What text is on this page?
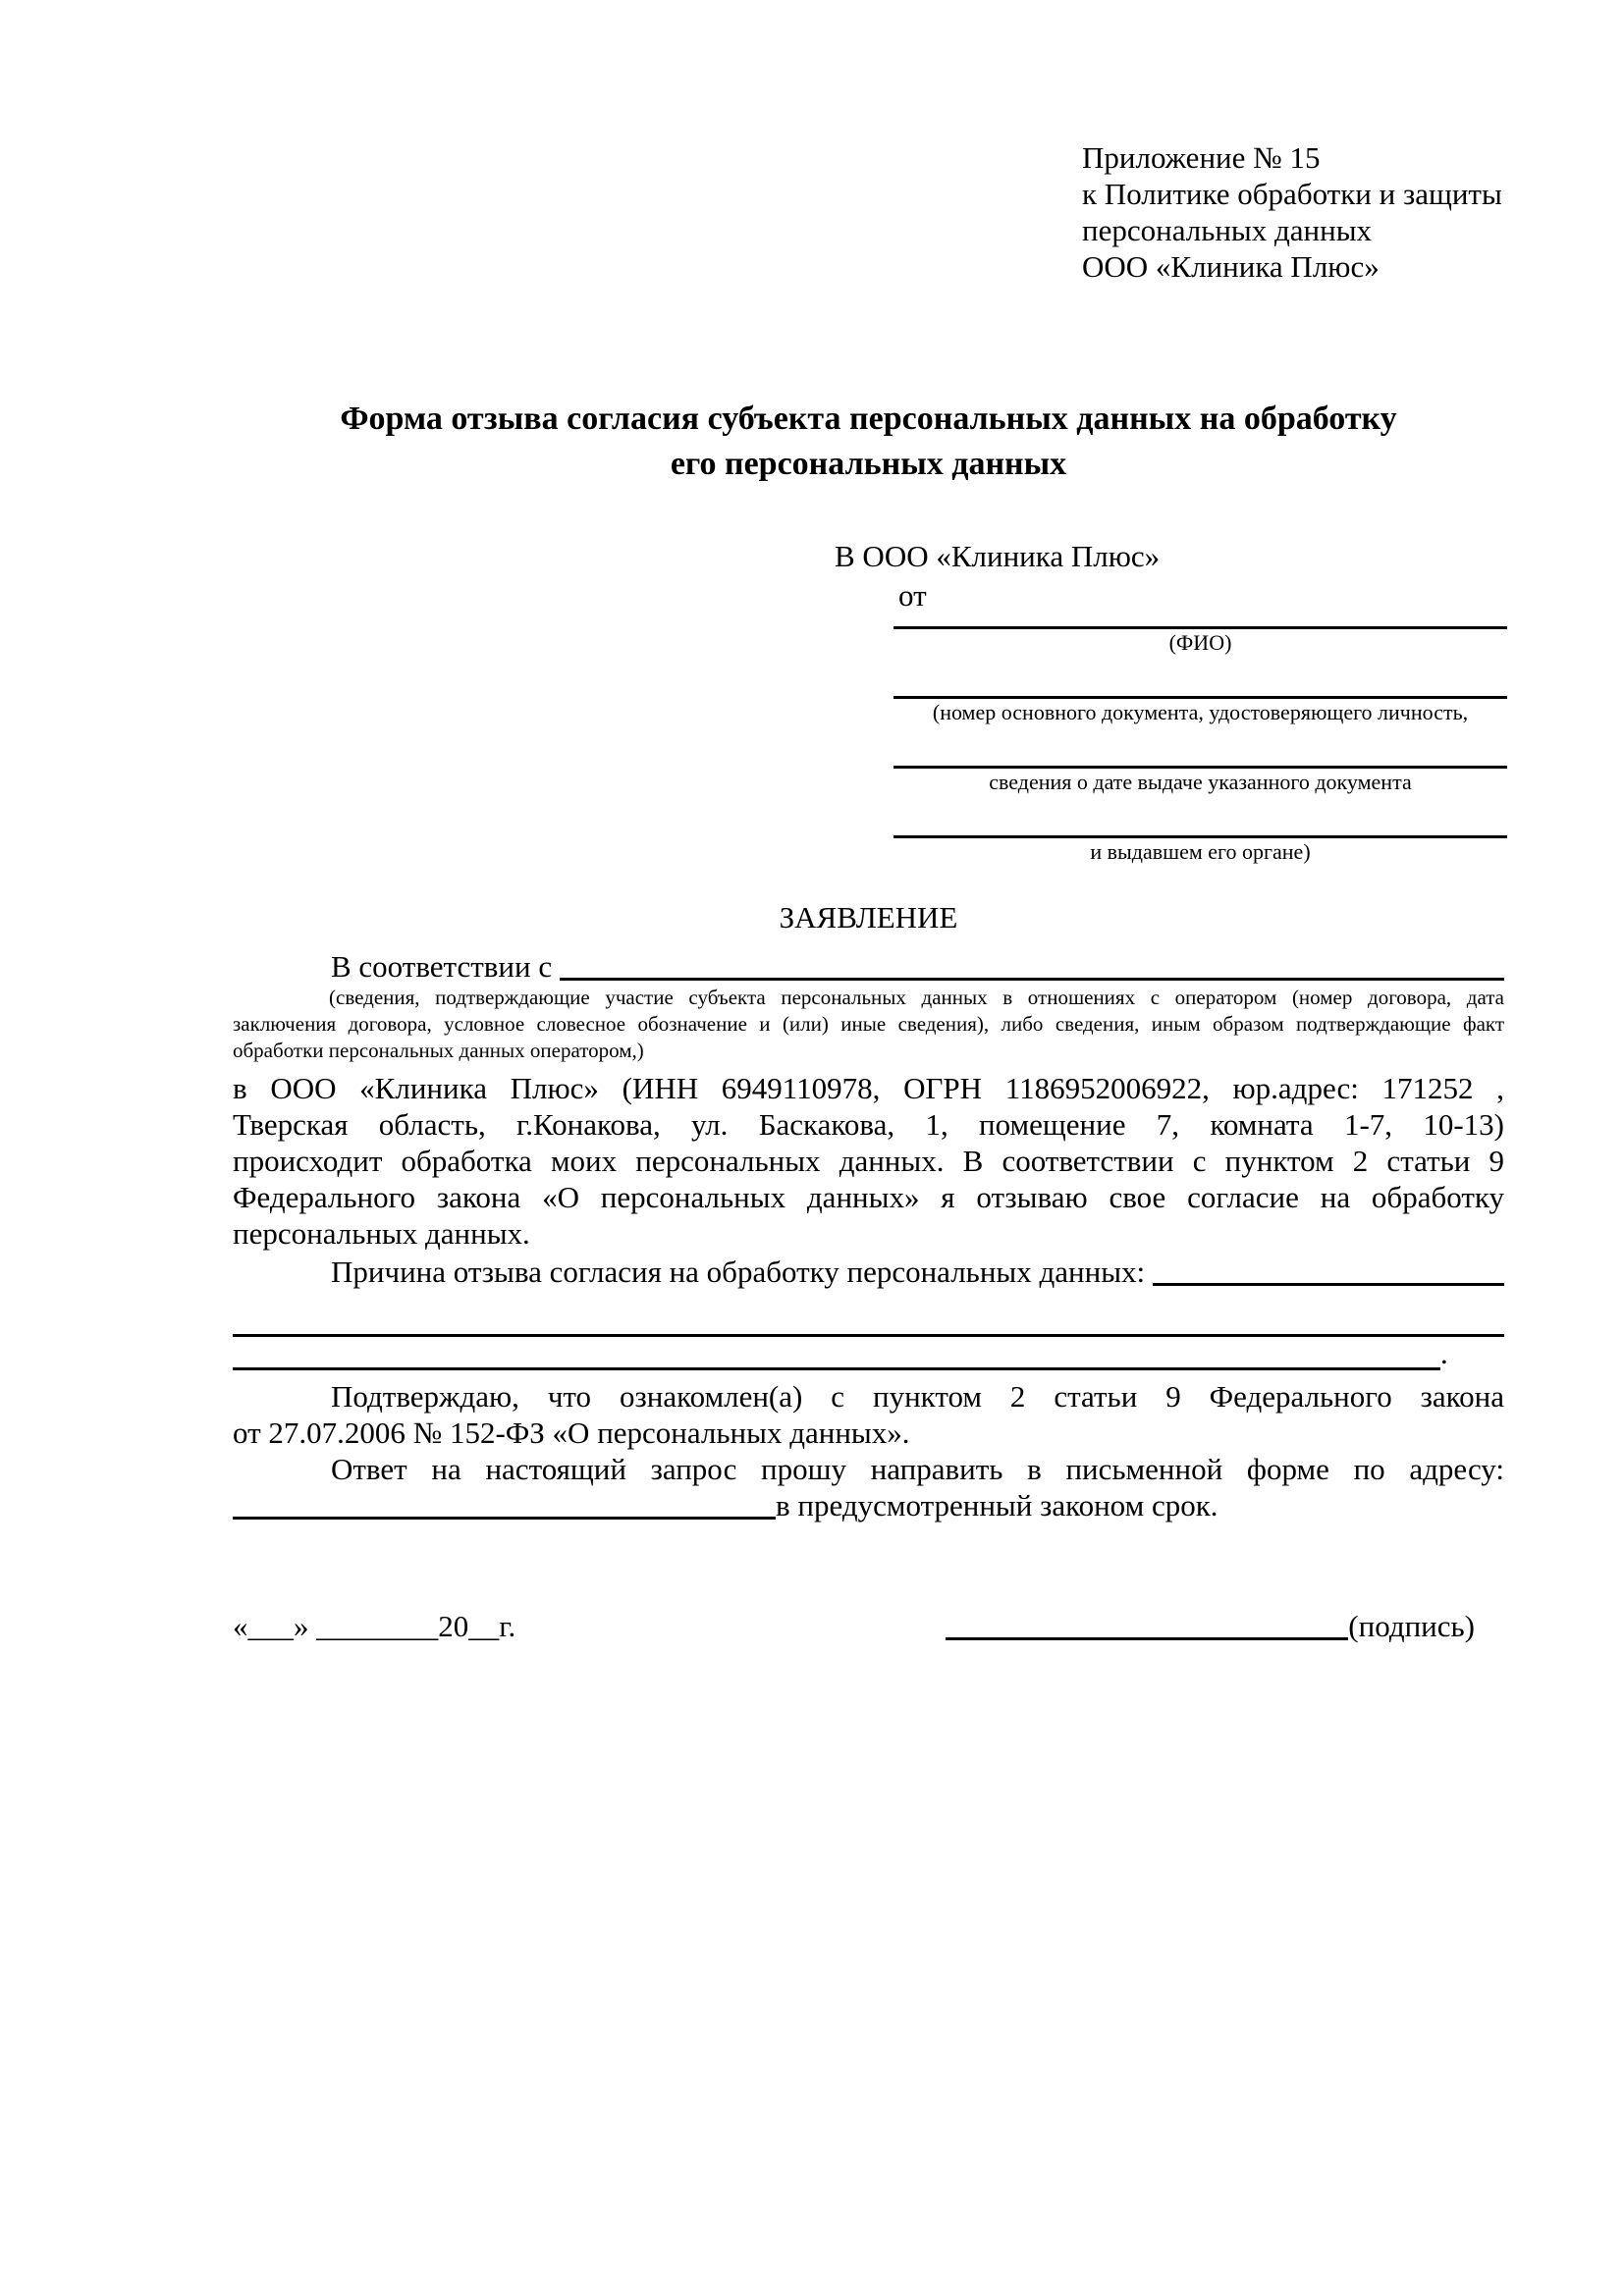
Приложение № 15
к Политике обработки и защиты
персональных данных
ООО «Клиника Плюс»
Форма отзыва согласия субъекта персональных данных на обработку
его персональных данных
В ООО «Клиника Плюс»
от
(ФИО)
(номер основного документа, удостоверяющего личность,
сведения о дате выдаче указанного документа
и выдавшем его органе)
ЗАЯВЛЕНИЕ
В соответствии с
(сведения, подтверждающие участие субъекта персональных данных в отношениях с оператором (номер договора, дата
заключения договора, условное словесное обозначение и (или) иные сведения), либо сведения, иным образом подтверждающие факт
обработки персональных данных оператором,)
в ООО «Клиника Плюс» (ИНН 6949110978, ОГРН 1186952006922, юр.адрес: 171252 ,
Тверская область, г.Конакова, ул. Баскакова, 1, помещение 7, комната 1-7, 10-13)
происходит обработка моих персональных данных. В соответствии с пунктом 2 статьи 9
Федерального закона «О персональных данных» я отзываю свое согласие на обработку
персональных данных.
Причина отзыва согласия на обработку персональных данных:
.
Подтверждаю, что ознакомлен(а) с пунктом 2 статьи 9 Федерального закона
от 27.07.2006 № 152-ФЗ «О персональных данных».
Ответ на настоящий запрос прошу направить в письменной форме по адресу:
в предусмотренный законом срок.
«___» ________20__г.	(подпись)
